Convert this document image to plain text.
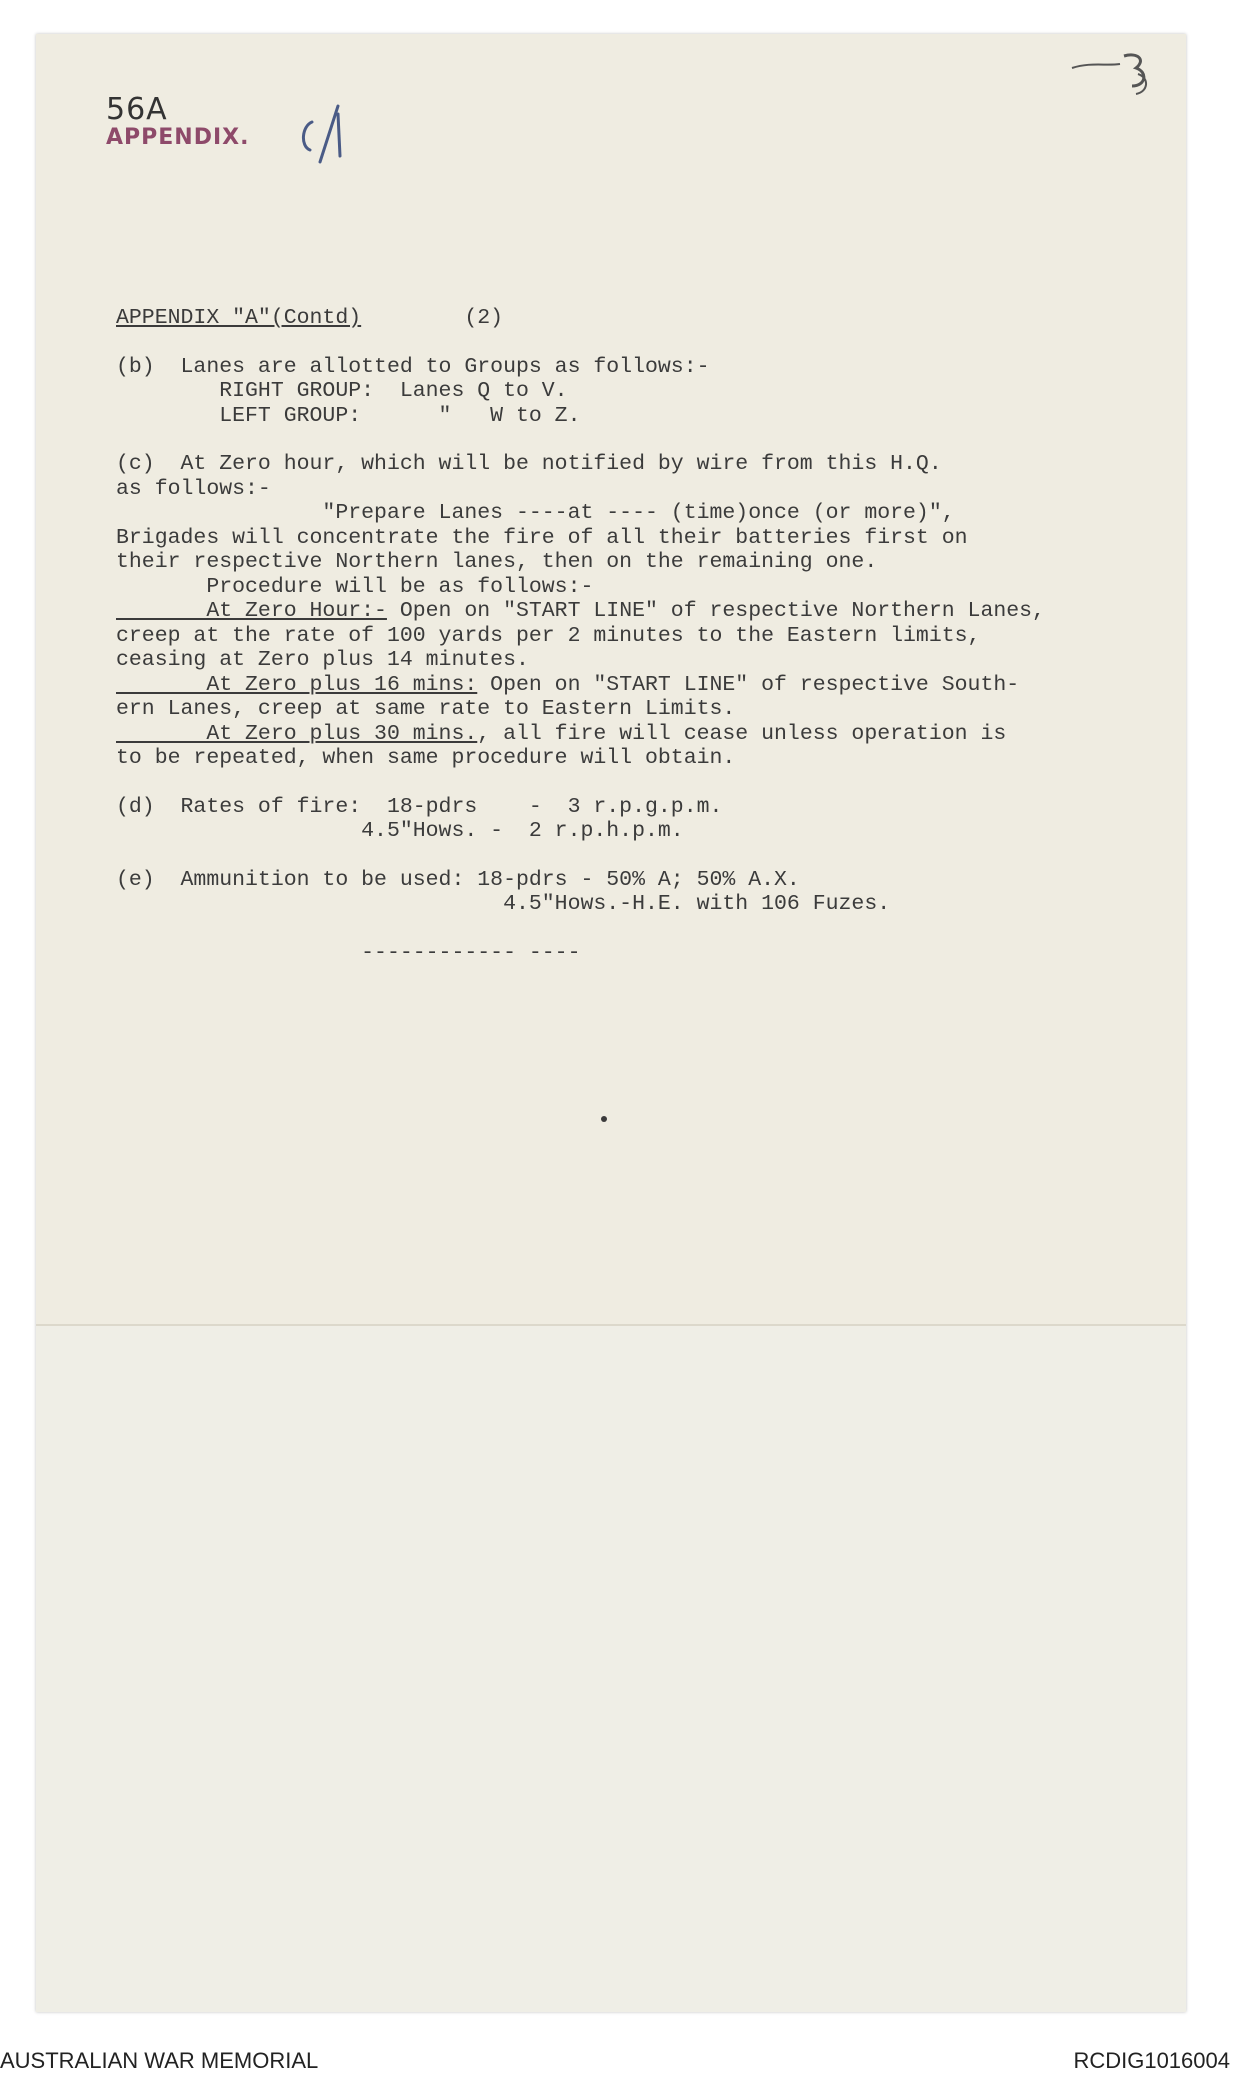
56A
APPENDIX.
APPENDIX "A"(Contd)	(2)
(b)  Lanes are allotted to Groups as follows:-
RIGHT GROUP:  Lanes Q to V.
LEFT GROUP:      "   W to Z.
(c)  At Zero hour, which will be notified by wire from this H.Q.
as follows:-
"Prepare Lanes ----at ---- (time)once (or more)",
Brigades will concentrate the fire of all their batteries first on
their respective Northern lanes, then on the remaining one.
Procedure will be as follows:-
At Zero Hour:- Open on "START LINE" of respective Northern Lanes,
creep at the rate of 100 yards per 2 minutes to the Eastern limits,
ceasing at Zero plus 14 minutes.
At Zero plus 16 mins: Open on "START LINE" of respective South-
ern Lanes, creep at same rate to Eastern Limits.
At Zero plus 30 mins., all fire will cease unless operation is
to be repeated, when same procedure will obtain.
(d)  Rates of fire:  18-pdrs    -  3 r.p.g.p.m.
4.5"Hows. -  2 r.p.h.p.m.
(e)  Ammunition to be used: 18-pdrs - 50% A; 50% A.X.
4.5"Hows.-H.E. with 106 Fuzes.
------------ ----
AUSTRALIAN WAR MEMORIAL	RCDIG1016004
